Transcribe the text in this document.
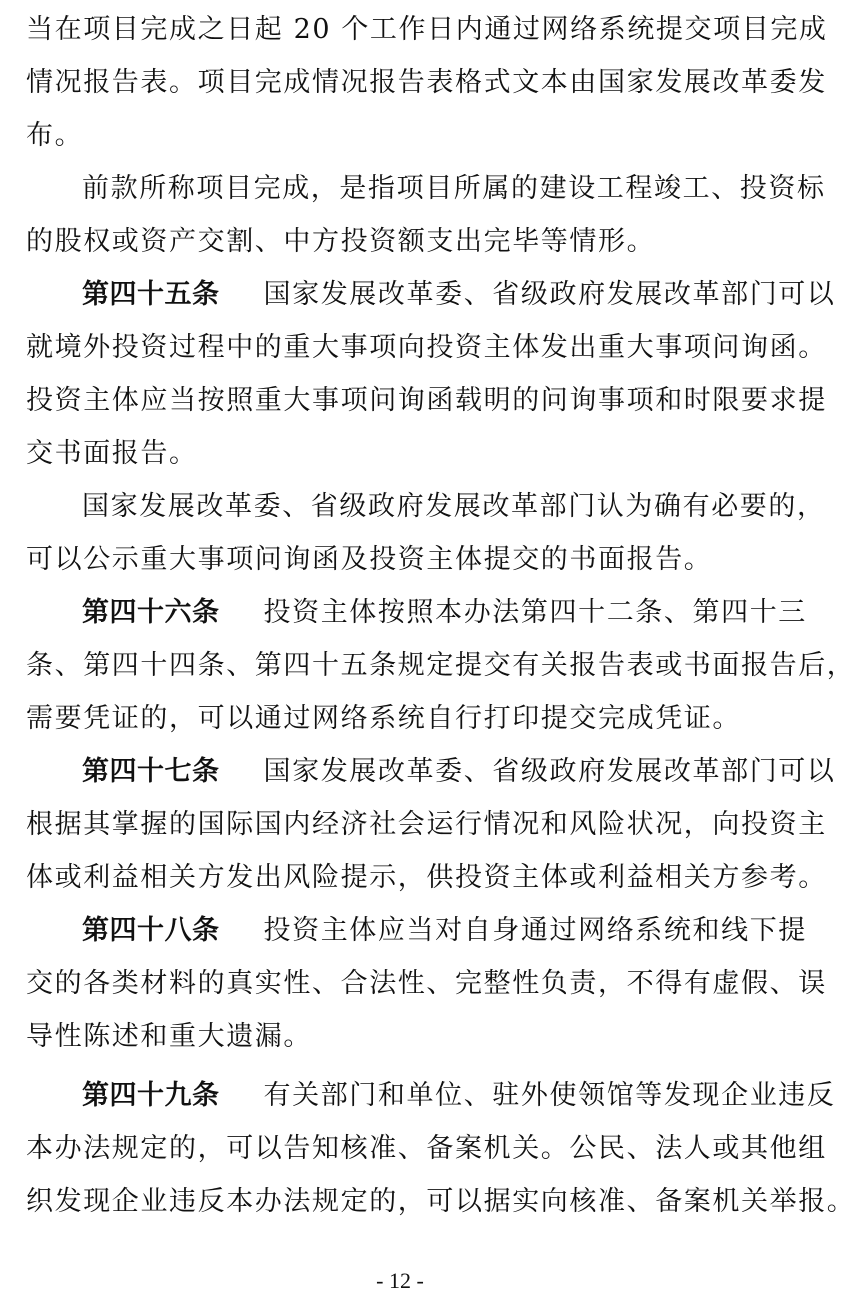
当在项目完成之日起 20 个工作日内通过网络系统提交项目完成
情况报告表。项目完成情况报告表格式文本由国家发展改革委发
布。
前款所称项目完成，是指项目所属的建设工程竣工、投资标
的股权或资产交割、中方投资额支出完毕等情形。
第四十五条 国家发展改革委、省级政府发展改革部门可以
就境外投资过程中的重大事项向投资主体发出重大事项问询函。
投资主体应当按照重大事项问询函载明的问询事项和时限要求提
交书面报告。
国家发展改革委、省级政府发展改革部门认为确有必要的，
可以公示重大事项问询函及投资主体提交的书面报告。
第四十六条 投资主体按照本办法第四十二条、第四十三
条、第四十四条、第四十五条规定提交有关报告表或书面报告后，
需要凭证的，可以通过网络系统自行打印提交完成凭证。
第四十七条 国家发展改革委、省级政府发展改革部门可以
根据其掌握的国际国内经济社会运行情况和风险状况，向投资主
体或利益相关方发出风险提示，供投资主体或利益相关方参考。
第四十八条 投资主体应当对自身通过网络系统和线下提
交的各类材料的真实性、合法性、完整性负责，不得有虚假、误
导性陈述和重大遗漏。
第四十九条 有关部门和单位、驻外使领馆等发现企业违反
本办法规定的，可以告知核准、备案机关。公民、法人或其他组
织发现企业违反本办法规定的，可以据实向核准、备案机关举报。
- 12 -
